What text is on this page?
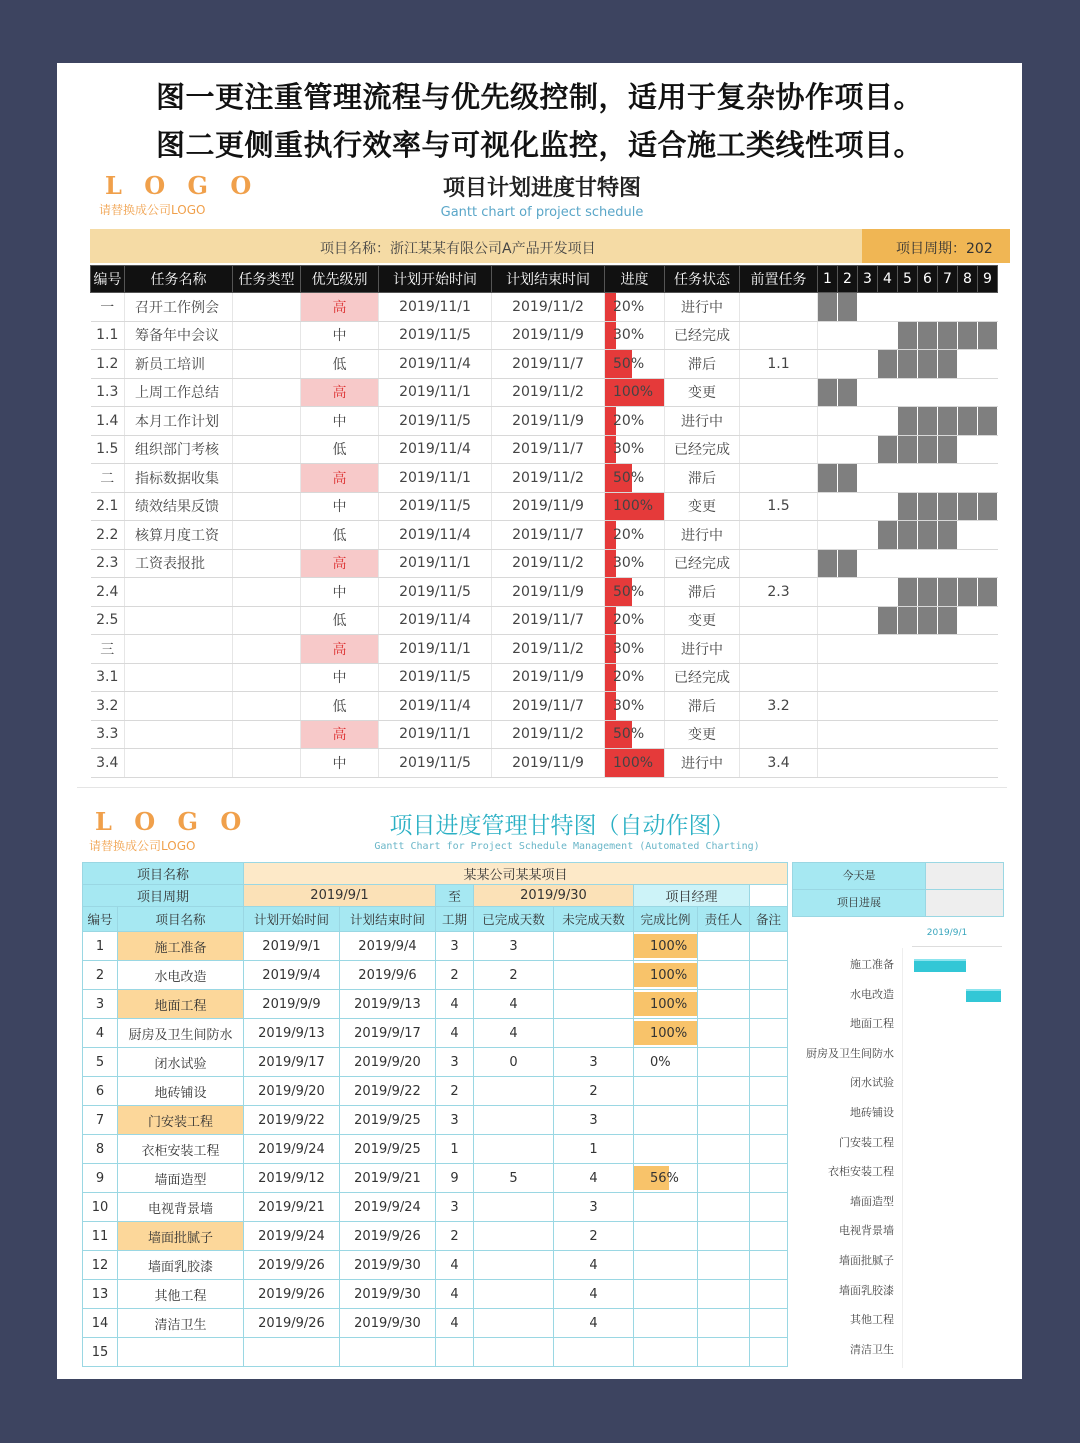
图一更注重管理流程与优先级控制，适用于复杂协作项目。
图二更侧重执行效率与可视化监控，适合施工类线性项目。
L O G O
请替换成公司LOGO
项目计划进度甘特图
Gantt chart of project schedule
项目名称：浙江某某有限公司A产品开发项目	项目周期：202
编号	任务名称	任务类型	优先级别	计划开始时间	计划结束时间	进度	任务状态	前置任务	1	2	3	4	5	6	7	8	9
一	召开工作例会		高	2019/11/1	2019/11/2	20%	进行中										
1.1	筹备年中会议		中	2019/11/5	2019/11/9	30%	已经完成										
1.2	新员工培训		低	2019/11/4	2019/11/7	50%	滞后	1.1									
1.3	上周工作总结		高	2019/11/1	2019/11/2	100%	变更										
1.4	本月工作计划		中	2019/11/5	2019/11/9	20%	进行中										
1.5	组织部门考核		低	2019/11/4	2019/11/7	30%	已经完成										
二	指标数据收集		高	2019/11/1	2019/11/2	50%	滞后										
2.1	绩效结果反馈		中	2019/11/5	2019/11/9	100%	变更	1.5									
2.2	核算月度工资		低	2019/11/4	2019/11/7	20%	进行中										
2.3	工资表报批		高	2019/11/1	2019/11/2	30%	已经完成										
2.4			中	2019/11/5	2019/11/9	50%	滞后	2.3									
2.5			低	2019/11/4	2019/11/7	20%	变更										
三			高	2019/11/1	2019/11/2	30%	进行中										
3.1			中	2019/11/5	2019/11/9	20%	已经完成										
3.2			低	2019/11/4	2019/11/7	30%	滞后	3.2									
3.3			高	2019/11/1	2019/11/2	50%	变更										
3.4			中	2019/11/5	2019/11/9	100%	进行中	3.4									
L O G O
请替换成公司LOGO
项目进度管理甘特图（自动作图）
Gantt Chart for Project Schedule Management (Automated Charting)
项目名称		某某公司某某项目							
项目周期		2019/9/1		至	2019/9/30		项目经理		
编号	项目名称	计划开始时间	计划结束时间	工期	已完成天数	未完成天数	完成比例	责任人	备注
1	施工准备	2019/9/1	2019/9/4	3	3		100%		
2	水电改造	2019/9/4	2019/9/6	2	2		100%		
3	地面工程	2019/9/9	2019/9/13	4	4		100%		
4	厨房及卫生间防水	2019/9/13	2019/9/17	4	4		100%		
5	闭水试验	2019/9/17	2019/9/20	3	0	3	0%		
6	地砖铺设	2019/9/20	2019/9/22	2		2			
7	门安装工程	2019/9/22	2019/9/25	3		3			
8	衣柜安装工程	2019/9/24	2019/9/25	1		1			
9	墙面造型	2019/9/12	2019/9/21	9	5	4	56%		
10	电视背景墙	2019/9/21	2019/9/24	3		3			
11	墙面批腻子	2019/9/24	2019/9/26	2		2			
12	墙面乳胶漆	2019/9/26	2019/9/30	4		4			
13	其他工程	2019/9/26	2019/9/30	4		4			
14	清洁卫生	2019/9/26	2019/9/30	4		4			
15									
今天是
项目进展
2019/9/1
施工准备
水电改造
地面工程
厨房及卫生间防水
闭水试验
地砖铺设
门安装工程
衣柜安装工程
墙面造型
电视背景墙
墙面批腻子
墙面乳胶漆
其他工程
清洁卫生
